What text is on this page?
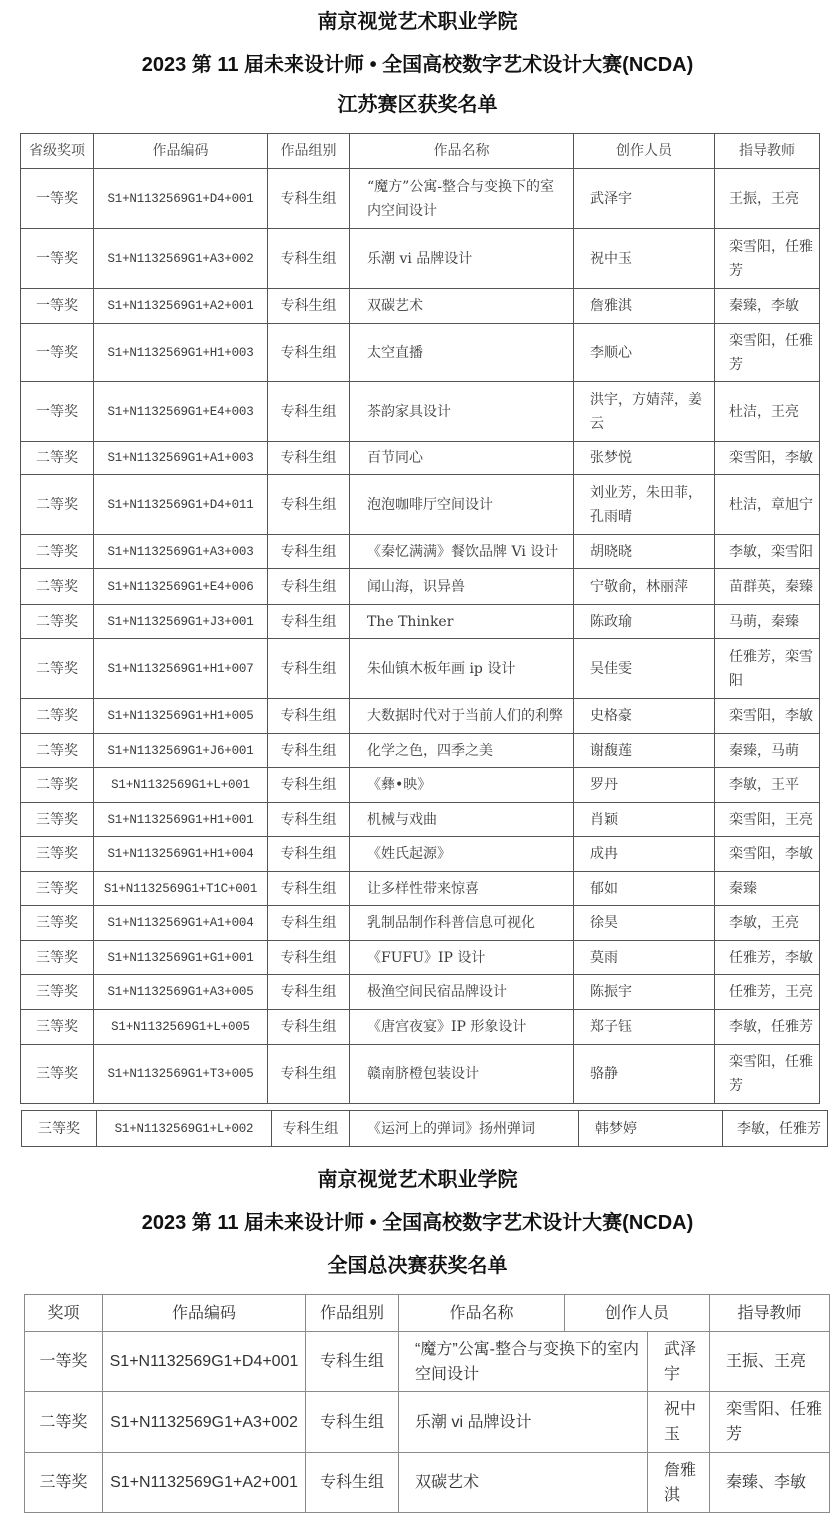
南京视觉艺术职业学院
2023 第 11 届未来设计师 • 全国高校数字艺术设计大赛(NCDA)
江苏赛区获奖名单
省级奖项	作品编码	作品组别	作品名称	创作人员	指导教师
一等奖	S1+N1132569G1+D4+001	专科生组	“魔方”公寓-整合与变换下的室内空间设计	武泽宇	王振，王亮
一等奖	S1+N1132569G1+A3+002	专科生组	乐潮 vi 品牌设计	祝中玉	栾雪阳，任雅芳
一等奖	S1+N1132569G1+A2+001	专科生组	双碳艺术	詹雅淇	秦臻，李敏
一等奖	S1+N1132569G1+H1+003	专科生组	太空直播	李顺心	栾雪阳，任雅芳
一等奖	S1+N1132569G1+E4+003	专科生组	茶韵家具设计	洪宇，方婧萍，姜云	杜洁，王亮
二等奖	S1+N1132569G1+A1+003	专科生组	百节同心	张梦悦	栾雪阳，李敏
二等奖	S1+N1132569G1+D4+011	专科生组	泡泡咖啡厅空间设计	刘业芳，朱田菲，孔雨晴	杜洁，章旭宁
二等奖	S1+N1132569G1+A3+003	专科生组	《秦忆满满》餐饮品牌 Vi 设计	胡晓晓	李敏，栾雪阳
二等奖	S1+N1132569G1+E4+006	专科生组	闻山海，识异兽	宁敬俞，林丽萍	苗群英，秦臻
二等奖	S1+N1132569G1+J3+001	专科生组	The Thinker	陈政瑜	马萌，秦臻
二等奖	S1+N1132569G1+H1+007	专科生组	朱仙镇木板年画 ip 设计	吴佳雯	任雅芳，栾雪阳
二等奖	S1+N1132569G1+H1+005	专科生组	大数据时代对于当前人们的利弊	史格豪	栾雪阳，李敏
二等奖	S1+N1132569G1+J6+001	专科生组	化学之色，四季之美	谢馥莲	秦臻，马萌
二等奖	S1+N1132569G1+L+001	专科生组	《彝•映》	罗丹	李敏，王平
三等奖	S1+N1132569G1+H1+001	专科生组	机械与戏曲	肖颖	栾雪阳，王亮
三等奖	S1+N1132569G1+H1+004	专科生组	《姓氏起源》	成冉	栾雪阳，李敏
三等奖	S1+N1132569G1+T1C+001	专科生组	让多样性带来惊喜	郁如	秦臻
三等奖	S1+N1132569G1+A1+004	专科生组	乳制品制作科普信息可视化	徐昊	李敏，王亮
三等奖	S1+N1132569G1+G1+001	专科生组	《FUFU》IP 设计	莫雨	任雅芳，李敏
三等奖	S1+N1132569G1+A3+005	专科生组	极渔空间民宿品牌设计	陈振宇	任雅芳，王亮
三等奖	S1+N1132569G1+L+005	专科生组	《唐宫夜宴》IP 形象设计	郑子钰	李敏，任雅芳
三等奖	S1+N1132569G1+T3+005	专科生组	赣南脐橙包装设计	骆静	栾雪阳，任雅芳
三等奖	S1+N1132569G1+L+002	专科生组	《运河上的弹词》扬州弹词	韩梦婷	李敏，任雅芳
南京视觉艺术职业学院
2023 第 11 届未来设计师 • 全国高校数字艺术设计大赛(NCDA)
全国总决赛获奖名单
奖项	作品编码	作品组别	作品名称	创作人员		指导教师
一等奖	S1+N1132569G1+D4+001	专科生组	“魔方”公寓-整合与变换下的室内空间设计		武泽宇	王振、王亮
二等奖	S1+N1132569G1+A3+002	专科生组	乐潮 vi 品牌设计		祝中玉	栾雪阳、任雅芳
三等奖	S1+N1132569G1+A2+001	专科生组	双碳艺术		詹雅淇	秦臻、李敏
